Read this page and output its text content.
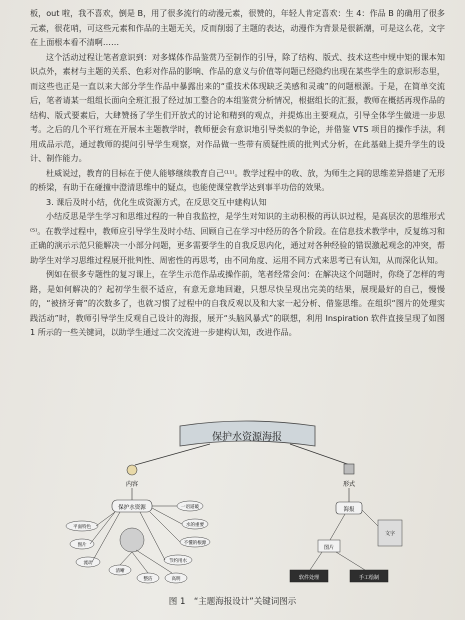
板，out 啦，我不喜欢，倒是 B，用了很多流行的动漫元素，很赞的，年轻人肯定喜欢：生 4：作品 B 的确用了很多元素，很花哨，可这些元素和作品的主题无关，反而削弱了主题的表达，动漫作为背景是很新潮，可是这么花，文字在上面根本看不清啊……

这个活动过程让笔者意识到：对多媒体作品鉴赏乃至制作的引导，除了结构、版式、技术这些中规中矩的课本知识点外，素材与主题的关系、色彩对作品的影响、作品的意义与价值等问题已经隐约出现在某些学生的意识形态里，而这些也正是一直以来大部分学生作品中暴露出来的“重技术体现缺乏美感和灵魂”的问题根源。于是，在简单交流后，笔者请某一组组长面向全班汇报了经过加工整合的本组鉴赏分析情况，根据组长的汇报，教师在概括再现作品的结构、版式要素后，大肆赞扬了学生们开放式的讨论和精到的观点，并提炼出主要观点，引导全体学生做进一步思考。之后的几个平行班在开展本主题教学时，教师便会有意识地引导类似的争论，并借鉴 VTS 项目的操作手法，利用成品示范，通过教师的提问引导学生观察，对作品做一些带有质疑性质的批判式分析，在此基础上提升学生的设计、制作能力。

杜威说过，教育的目标在于使人能够继续教育自己⁽¹¹⁾。教学过程中的收、放，为师生之间的思维差异搭建了无形的桥梁，有助于在碰撞中澄清思维中的疑点，也能使课堂教学达到事半功倍的效果。

3. 课后及时小结，优化生成资源方式，在反思交互中建构认知

小结反思是学生学习和思维过程的一种自我监控，是学生对知识的主动积极的再认识过程，是高层次的思维形式⁽⁵⁾。在教学过程中，教师应引导学生及时小结、回顾自己在学习中经历的各个阶段。在信息技术教学中，反复练习和正确的演示示范只能解决一小部分问题，更多需要学生的自我反思内化，通过对各种经验的错误激起观念的冲突，帮助学生对学习思维过程展开批判性、周密性的再思考，由不同角度、运用不同方式来思考已有认知，从而深化认知。

例如在很多专题性的复习课上，在学生示范作品或操作前，笔者经常会问：在解决这个问题时，你绕了怎样的弯路，是如何解决的？起初学生很不适应，有意无意地回避，只想尽快呈现出完美的结果，展现最好的自己，慢慢的，“被挤牙膏”的次数多了，也就习惯了过程中的自我反观以及和大家一起分析、借鉴思维。在组织“图片的处理实践活动”时，教师引导学生反观自己设计的海报，展开“头脑风暴式”的联想，利用 Inspiration 软件直接呈现了如图 1 所示的一些关键词，以助学生通过二次交流进一步建构认知，改进作品。

保护水资源海报
内容	形式
保护水资源	一语道破
水的重要
不懂的根源
节约用水
平面特色
图片
流动
清晰
整洁	高明
海报
文字
图片
软件处理	手工绘制
图 1　“主题海报设计”关键词图示
